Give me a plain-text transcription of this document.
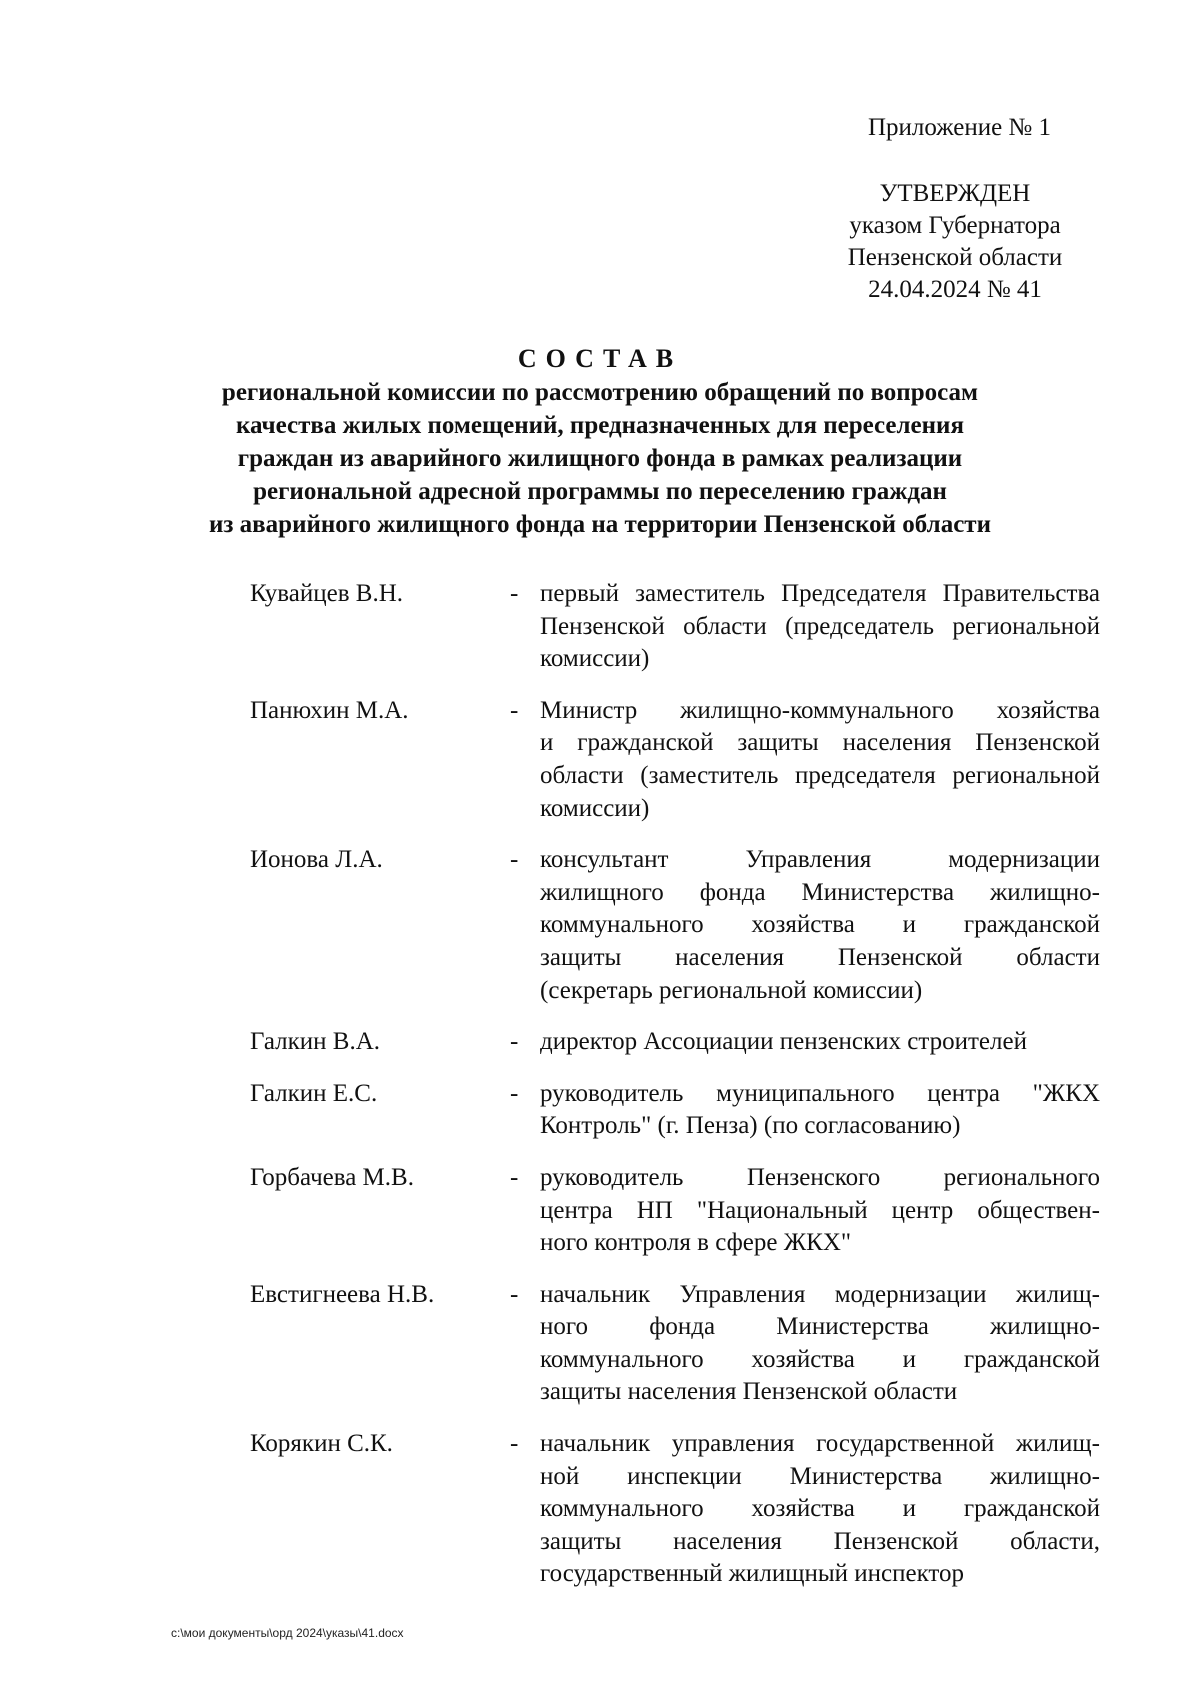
Приложение № 1
УТВЕРЖДЕН
указом Губернатора
Пензенской области
24.04.2024 № 41
СОСТАВ
региональной комиссии по рассмотрению обращений по вопросам
качества жилых помещений, предназначенных для переселения
граждан из аварийного жилищного фонда в рамках реализации
региональной адресной программы по переселению граждан
из аварийного жилищного фонда на территории Пензенской области
Кувайцев В.Н.	- первый заместитель Председателя Правительства
Пензенской области (председатель региональной
комиссии)
Панюхин М.А.	- Министр жилищно-коммунального хозяйства
и гражданской защиты населения Пензенской
области (заместитель председателя региональной
комиссии)
Ионова Л.А.	- консультант Управления модернизации
жилищного фонда Министерства жилищно-
коммунального хозяйства и гражданской
защиты населения Пензенской области
(секретарь региональной комиссии)
Галкин В.А.	- директор Ассоциации пензенских строителей
Галкин Е.С.	- руководитель муниципального центра "ЖКХ
Контроль" (г. Пенза) (по согласованию)
Горбачева М.В.	- руководитель Пензенского регионального
центра НП "Национальный центр обществен-
ного контроля в сфере ЖКХ"
Евстигнеева Н.В.	- начальник Управления модернизации жилищ-
ного фонда Министерства жилищно-
коммунального хозяйства и гражданской
защиты населения Пензенской области
Корякин С.К.	- начальник управления государственной жилищ-
ной инспекции Министерства жилищно-
коммунального хозяйства и гражданской
защиты населения Пензенской области,
государственный жилищный инспектор
c:\мои документы\орд 2024\указы\41.docx
